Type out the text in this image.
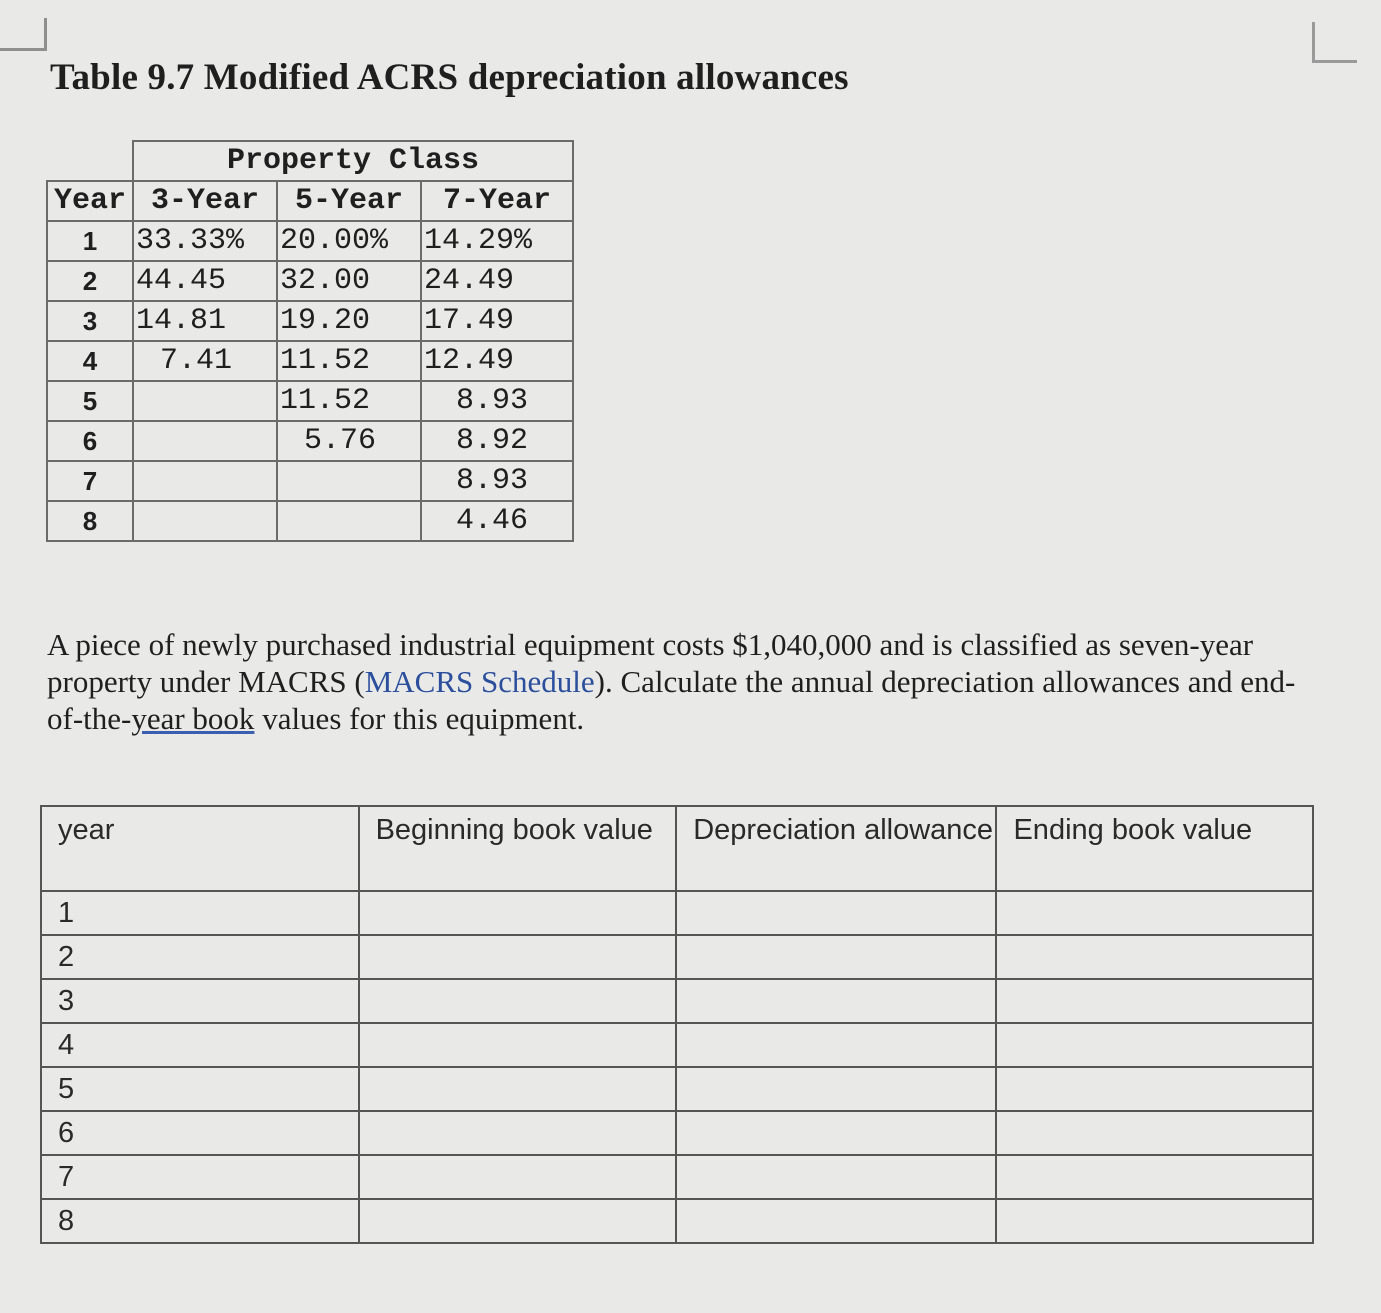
Table 9.7 Modified ACRS depreciation allowances
	Property Class		
Year	3-Year	5-Year	7-Year
1	33.33%	20.00%	14.29%
2	44.45	32.00	24.49
3	14.81	19.20	17.49
4	7.41	11.52	12.49
5		11.52	8.93
6		5.76	8.92
7			8.93
8			4.46
A piece of newly purchased industrial equipment costs $1,040,000 and is classified as seven-year property under MACRS (MACRS Schedule). Calculate the annual depreciation allowances and end-of-the-year book values for this equipment.
year	Beginning book value	Depreciation allowance	Ending book value
1			
2			
3			
4			
5			
6			
7			
8			
